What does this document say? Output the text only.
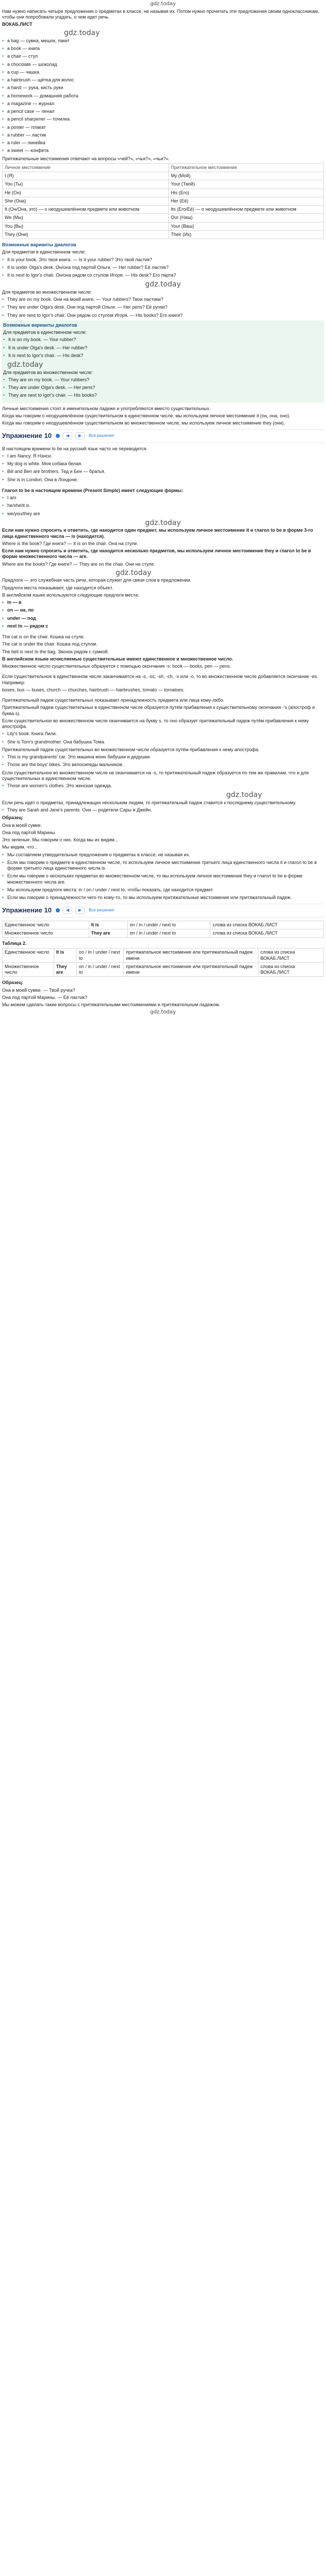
gdz.today

Нам нужно написать четыре предложения о предметах в классе, не называя их. Потом нужно прочитать эти предложения своим одноклассникам, чтобы они попробовали угадать, о чем идет речь.

ВОКАБ.ЛИСТ

gdz.today
• a bag — сумка, мешок, пакет
• a book — книга
• a chair — стул
• a chocolate — шоколад
• a cup — чашка
• a hairbrush — щётка для волос
• a hand — рука, кисть руки
• a homework — домашняя работа
• a magazine — журнал
• a pencil case — пенал
• a pencil sharpener — точилка
• a poster — плакат
• a rubber — ластик
• a ruler — линейка
• a sweet — конфета

Притяжательные местоимения отвечают на вопросы «чей?», «чья?», «чьи?».

Личное местоимение	Притяжательное местоимение
I (Я)	My (Мой)
You (Ты)	Your (Твой)
He (Он)	His (Его)
She (Она)	Her (Её)
It (Он/Она, это) — о неодушевлённом предмете или животном	Its (Его/Её) — о неодушевлённом предмете или животном
We (Мы)	Our (Наш)
You (Вы)	Your (Ваш)
They (Они)	Their (Их)

Возможные варианты диалогов

Для предметов в единственном числе:

• It is your book. Это твоя книга. — Is it your rubber? Это твой ластик?
• It is under Olga's desk. Он/она под партой Ольги. — Her rubber? Её ластик?
• It is next to Igor's chair. Он/она рядом со стулом Игоря. — His desk? Его парта?
gdz.today

Для предметов во множественном числе:

• They are on my book. Они на моей книге. — Your rubbers? Твои ластики?
• They are under Olga's desk. Они под партой Ольги. — Her pens? Её ручки?
• They are next to Igor's chair. Они рядом со стулом Игоря. — His books? Его книги?

Возможные варианты диалогов

Для предметов в единственном числе:

• It is on my book. — Your rubber?
• It is under Olga's desk. — Her rubber?
• It is next to Igor's chair. — His desk?
gdz.today

Для предметов во множественном числе:

• They are on my book. — Your rubbers?
• They are under Olga's desk. — Her pens?
• They are next to Igor's chair. — His books?

Личные местоимения стоят в именительном падеже и употребляются вместо существительных.

Когда мы говорим о неодушевлённом существительном в единственном числе, мы используем личное местоимение it (он, она, оно).

Когда мы говорим о неодушевлённом существительном во множественном числе, мы используем личное местоимение they (они).

Упражнение 10	◀	▶	Все решения

В настоящем времени to be на русский язык часто не переводится.

• I am Nancy. Я Нэнси.
• My dog is white. Моя собака белая.
• Bill and Ben are brothers. Тед и Бен — братья.
• She is in London. Она в Лондоне.

Глагол to be в настоящем времени (Present Simple) имеет следующие формы:

• I am
• he/she/it is
• we/you/they are
gdz.today

Если нам нужно спросить и ответить, где находится один предмет, мы используем личное местоимение it и глагол to be в форме 3-го лица единственного числа — is (находится).

Where is the book? Где книга? — It is on the chair. Она на стуле.

Если нам нужно спросить и ответить, где находится несколько предметов, мы используем личное местоимение they и глагол to be в форме множественного числа — are.

Where are the books? Где книги? — They are on the chair. Они на стуле.

gdz.today

Предлоги — это служебная часть речи, которая служит для связи слов в предложении.

Предлоги места показывают, где находится объект.

В английском языке используются следующие предлоги места:

• in — в
• on — на, по
• under — под
• next to — рядом с

The cat is on the chair. Кошка на стуле.

The cat is under the chair. Кошка под стулом.

The bell is next to the bag. Звонок рядом с сумкой.

В английском языке исчисляемые существительные имеют единственное и множественное число.

Множественное число существительных образуется с помощью окончания -s: book — books, pen — pens.

Если существительное в единственном числе заканчивается на -s, -ss, -sh, -ch, -x или -o, то во множественном числе добавляется окончание -es. Например:

boxes, bus — buses, church — churches, hairbrush — hairbrushes, tomato — tomatoes.

Притяжательный падеж существительных показывает принадлежность предмета или лица кому-либо.

Притяжательный падеж существительных в единственном числе образуется путём прибавления к существительному окончания -'s (апостроф и буква s).

Если существительное во множественном числе оканчивается на букву s, то оно образует притяжательный падеж путём прибавления к нему апострофа.

• Lily's book. Книга Лили.
• She is Tom's grandmother. Она бабушка Тома.

Притяжательный падеж существительных во множественном числе образуется путём прибавления к нему апострофа.

• This is my grandparents' car. Это машина моих бабушки и дедушки.
• Those are the boys' bikes. Это велосипеды мальчиков.

Если существительное во множественном числе не оканчивается на -s, то притяжательный падеж образуется по тем же правилам, что и для существительных в единственном числе.

• Those are women's clothes. Это женская одежда.
gdz.today

Если речь идёт о предметах, принадлежащих нескольким людям, то притяжательный падеж ставится к последнему существительному.

• They are Sarah and Jane's parents. Они — родители Сары и Джейн.

Образец:

Она в моей сумке.

Она под партой Марины.

Это зеленые. Мы говорим о них. Когда мы их видим...

Мы видим, что...

• Мы составляем утвердительные предложения о предметах в классе, не называя их.
• Если мы говорим о предмете в единственном числе, то используем личное местоимение третьего лица единственного числа it и глагол to be в форме третьего лица единственного числа is.
• Если мы говорим о нескольких предметах во множественном числе, то мы используем личное местоимение they и глагол to be в форме множественного числа are.
• Мы используем предлоги места: in / on / under / next to, чтобы показать, где находится предмет.
• Если мы говорим о принадлежности чего-то кому-то, то мы используем притяжательные местоимения или притяжательный падеж.
Упражнение 10	◀	▶	Все решения
Единственное число	It is	on / in / under / next to	слова из списка ВОКАБ.ЛИСТ
Множественное число	They are	on / in / under / next to	слова из списка ВОКАБ.ЛИСТ

Таблица 2.

Единственное число	It is	on / in / under / next to	притяжательное местоимение или притяжательный падеж имени	слова из списка ВОКАБ.ЛИСТ
Множественное число	They are	on / in / under / next to	притяжательное местоимение или притяжательный падеж имени	слова из списка ВОКАБ.ЛИСТ

Образец:

Она в моей сумке. — Твой ручка?

Она под партой Марины. — Её ластик?

Мы можем сделать такие вопросы с притяжательными местоимениями и притяжательным падежом.

gdz.today
